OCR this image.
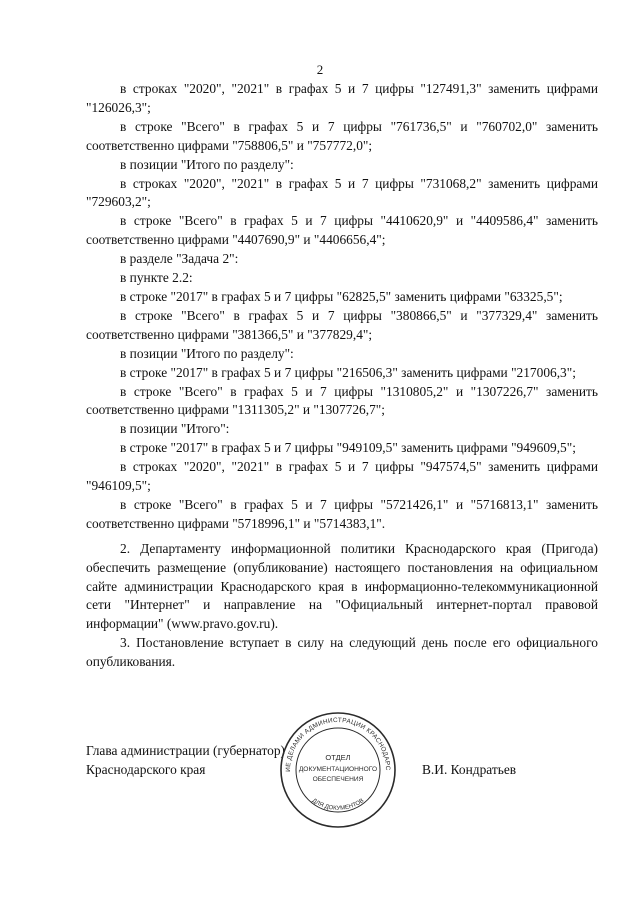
2

в строках "2020", "2021" в графах 5 и 7 цифры "127491,3" заменить цифрами "126026,3";

в строке "Всего" в графах 5 и 7 цифры "761736,5" и "760702,0" заменить соответственно цифрами "758806,5" и "757772,0";

в позиции "Итого по разделу":

в строках "2020", "2021" в графах 5 и 7 цифры "731068,2" заменить цифрами "729603,2";

в строке "Всего" в графах 5 и 7 цифры "4410620,9" и "4409586,4" заменить соответственно цифрами "4407690,9" и "4406656,4";

в разделе "Задача 2":

в пункте 2.2:

в строке "2017" в графах 5 и 7 цифры "62825,5" заменить цифрами "63325,5";

в строке "Всего" в графах 5 и 7 цифры "380866,5" и "377329,4" заменить соответственно цифрами "381366,5" и "377829,4";

в позиции "Итого по разделу":

в строке "2017" в графах 5 и 7 цифры "216506,3" заменить цифрами "217006,3";

в строке "Всего" в графах 5 и 7 цифры "1310805,2" и "1307226,7" заменить соответственно цифрами "1311305,2" и "1307726,7";

в позиции "Итого":

в строке "2017" в графах 5 и 7 цифры "949109,5" заменить цифрами "949609,5";

в строках "2020", "2021" в графах 5 и 7 цифры "947574,5" заменить цифрами "946109,5";

в строке "Всего" в графах 5 и 7 цифры "5721426,1" и "5716813,1" заменить соответственно цифрами "5718996,1" и "5714383,1".

2. Департаменту информационной политики Краснодарского края (Пригода) обеспечить размещение (опубликование) настоящего постановления на официальном сайте администрации Краснодарского края в информационно-телекоммуникационной сети "Интернет" и направление на "Официальный интернет-портал правовой информации" (www.pravo.gov.ru).

3. Постановление вступает в силу на следующий день после его официального опубликования.

Глава администрации (губернатор)
Краснодарского края	В.И. Кондратьев
УПРАВЛЕНИЕ ДЕЛАМИ АДМИНИСТРАЦИИ КРАСНОДАРСКОГО КРАЯ
ДЛЯ ДОКУМЕНТОВ
ОТДЕЛ
ДОКУМЕНТАЦИОННОГО
ОБЕСПЕЧЕНИЯ
